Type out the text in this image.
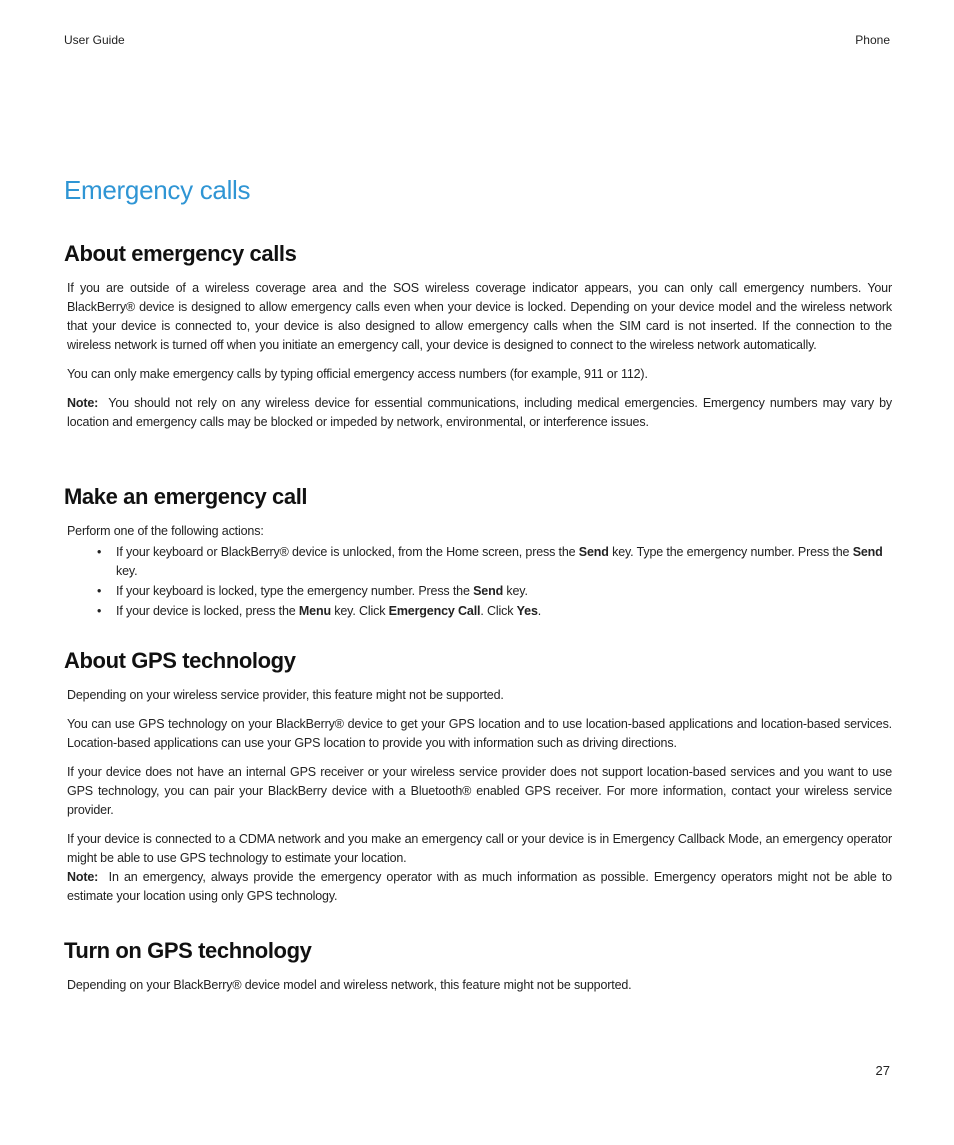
User Guide	Phone
Emergency calls
About emergency calls

If you are outside of a wireless coverage area and the SOS wireless coverage indicator appears, you can only call emergency numbers. Your BlackBerry® device is designed to allow emergency calls even when your device is locked. Depending on your device model and the wireless network that your device is connected to, your device is also designed to allow emergency calls when the SIM card is not inserted. If the connection to the wireless network is turned off when you initiate an emergency call, your device is designed to connect to the wireless network automatically.

You can only make emergency calls by typing official emergency access numbers (for example, 911 or 112).

Note: You should not rely on any wireless device for essential communications, including medical emergencies. Emergency numbers may vary by location and emergency calls may be blocked or impeded by network, environmental, or interference issues.

Make an emergency call

Perform one of the following actions:

• If your keyboard or BlackBerry® device is unlocked, from the Home screen, press the Send key. Type the emergency number. Press the Send key.
• If your keyboard is locked, type the emergency number. Press the Send key.
• If your device is locked, press the Menu key. Click Emergency Call. Click Yes.
About GPS technology

Depending on your wireless service provider, this feature might not be supported.

You can use GPS technology on your BlackBerry® device to get your GPS location and to use location-based applications and location-based services. Location-based applications can use your GPS location to provide you with information such as driving directions.

If your device does not have an internal GPS receiver or your wireless service provider does not support location-based services and you want to use GPS technology, you can pair your BlackBerry device with a Bluetooth® enabled GPS receiver. For more information, contact your wireless service provider.

If your device is connected to a CDMA network and you make an emergency call or your device is in Emergency Callback Mode, an emergency operator might be able to use GPS technology to estimate your location.

Note: In an emergency, always provide the emergency operator with as much information as possible. Emergency operators might not be able to estimate your location using only GPS technology.

Turn on GPS technology

Depending on your BlackBerry® device model and wireless network, this feature might not be supported.

27
